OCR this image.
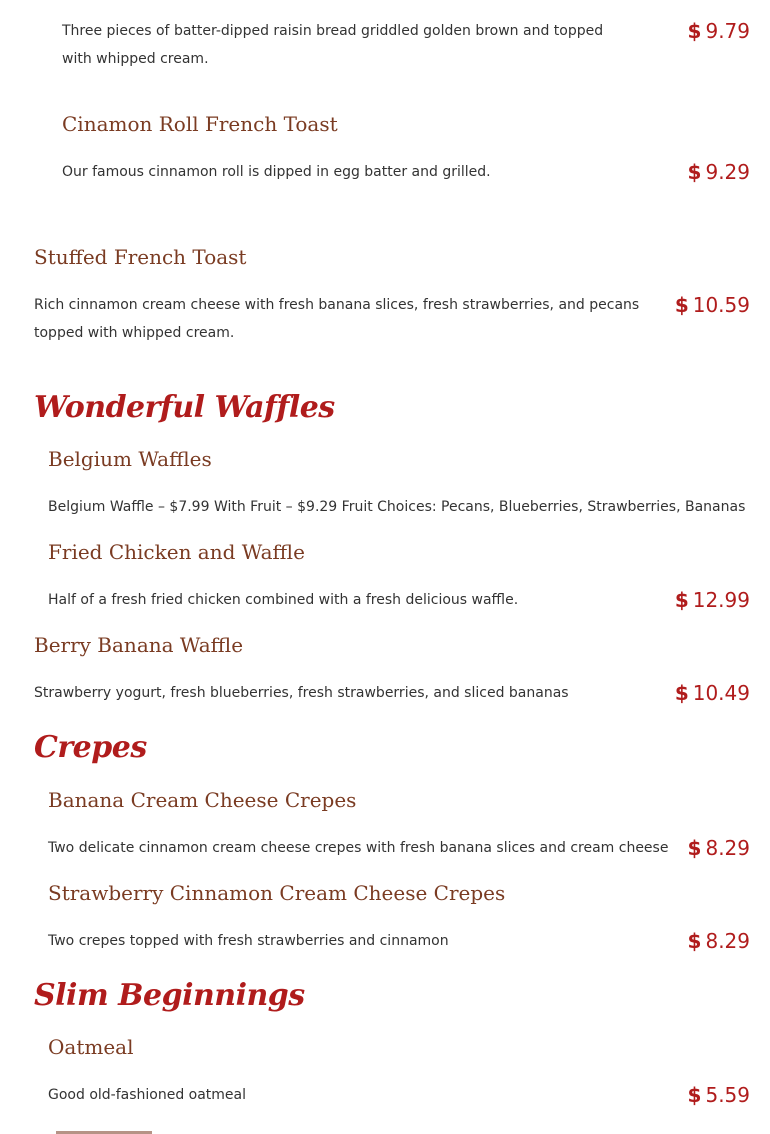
Three pieces of batter-dipped raisin bread griddled golden brown and topped with whipped cream.
$ 9.79
Cinamon Roll French Toast
Our famous cinnamon roll is dipped in egg batter and grilled.	$ 9.29
Stuffed French Toast
Rich cinnamon cream cheese with fresh banana slices, fresh strawberries, and pecans topped with whipped cream.
$ 10.59
Wonderful Waffles
Belgium Waffles
Belgium Waffle – $7.99 With Fruit – $9.29 Fruit Choices: Pecans, Blueberries, Strawberries, Bananas
Fried Chicken and Waffle
Half of a fresh fried chicken combined with a fresh delicious waffle.	$ 12.99
Berry Banana Waffle
Strawberry yogurt, fresh blueberries, fresh strawberries, and sliced bananas	$ 10.49
Crepes
Banana Cream Cheese Crepes
Two delicate cinnamon cream cheese crepes with fresh banana slices and cream cheese $ 8.29
Strawberry Cinnamon Cream Cheese Crepes
Two crepes topped with fresh strawberries and cinnamon	$ 8.29
Slim Beginnings
Oatmeal
Good old-fashioned oatmeal	$ 5.59
